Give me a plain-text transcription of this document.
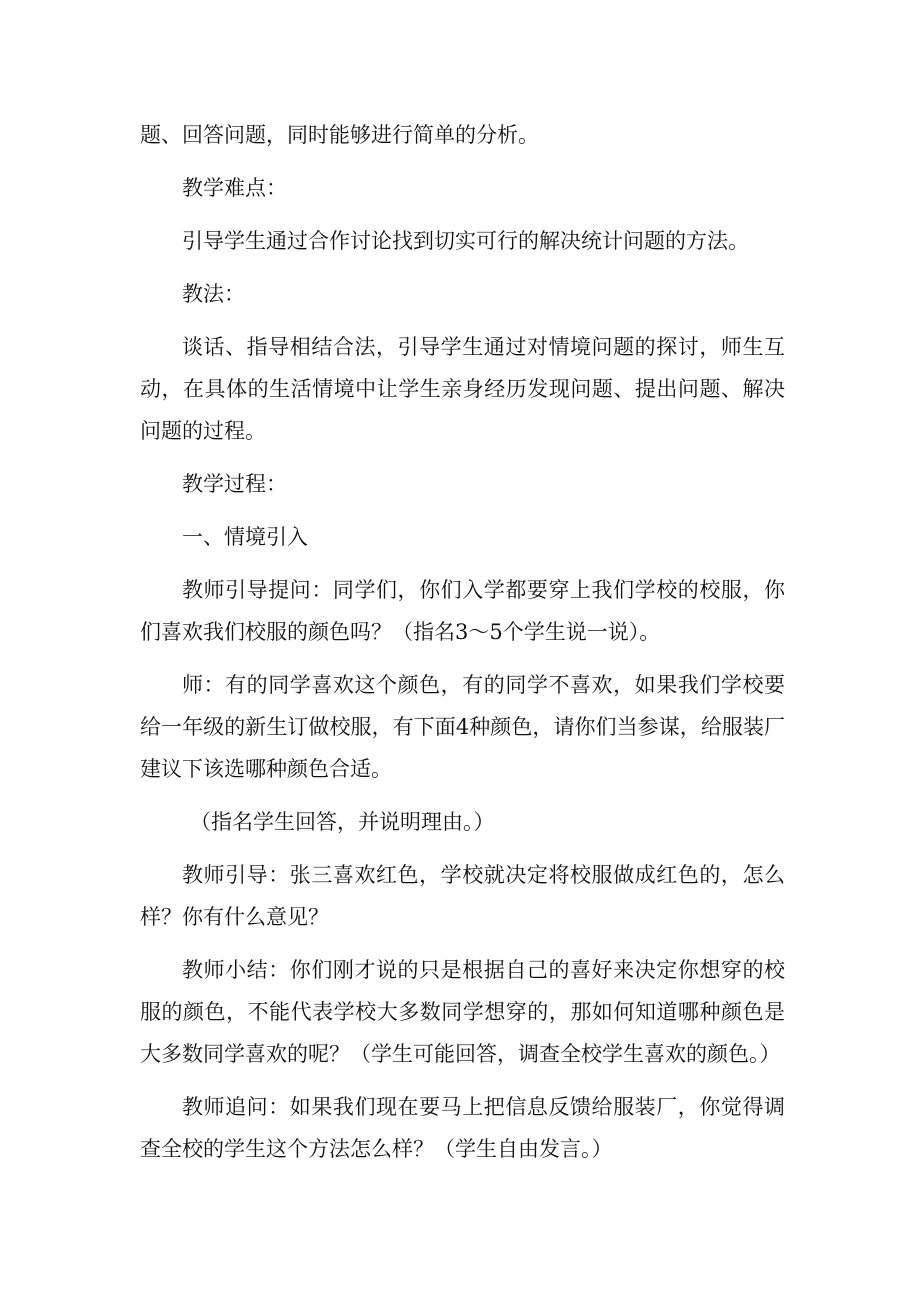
题、回答问题，同时能够进行简单的分析。

教学难点：

引导学生通过合作讨论找到切实可行的解决统计问题的方法。

教法：

谈话、指导相结合法，引导学生通过对情境问题的探讨，师生互动，在具体的生活情境中让学生亲身经历发现问题、提出问题、解决问题的过程。

教学过程：

一、情境引入

教师引导提问：同学们，你们入学都要穿上我们学校的校服，你们喜欢我们校服的颜色吗？（指名3～5个学生说一说）。

师：有的同学喜欢这个颜色，有的同学不喜欢，如果我们学校要给一年级的新生订做校服，有下面4种颜色，请你们当参谋，给服装厂建议下该选哪种颜色合适。

（指名学生回答，并说明理由。）

教师引导：张三喜欢红色，学校就决定将校服做成红色的，怎么样？你有什么意见？

教师小结：你们刚才说的只是根据自己的喜好来决定你想穿的校服的颜色，不能代表学校大多数同学想穿的，那如何知道哪种颜色是大多数同学喜欢的呢？（学生可能回答，调查全校学生喜欢的颜色。）

教师追问：如果我们现在要马上把信息反馈给服装厂，你觉得调查全校的学生这个方法怎么样？（学生自由发言。）
